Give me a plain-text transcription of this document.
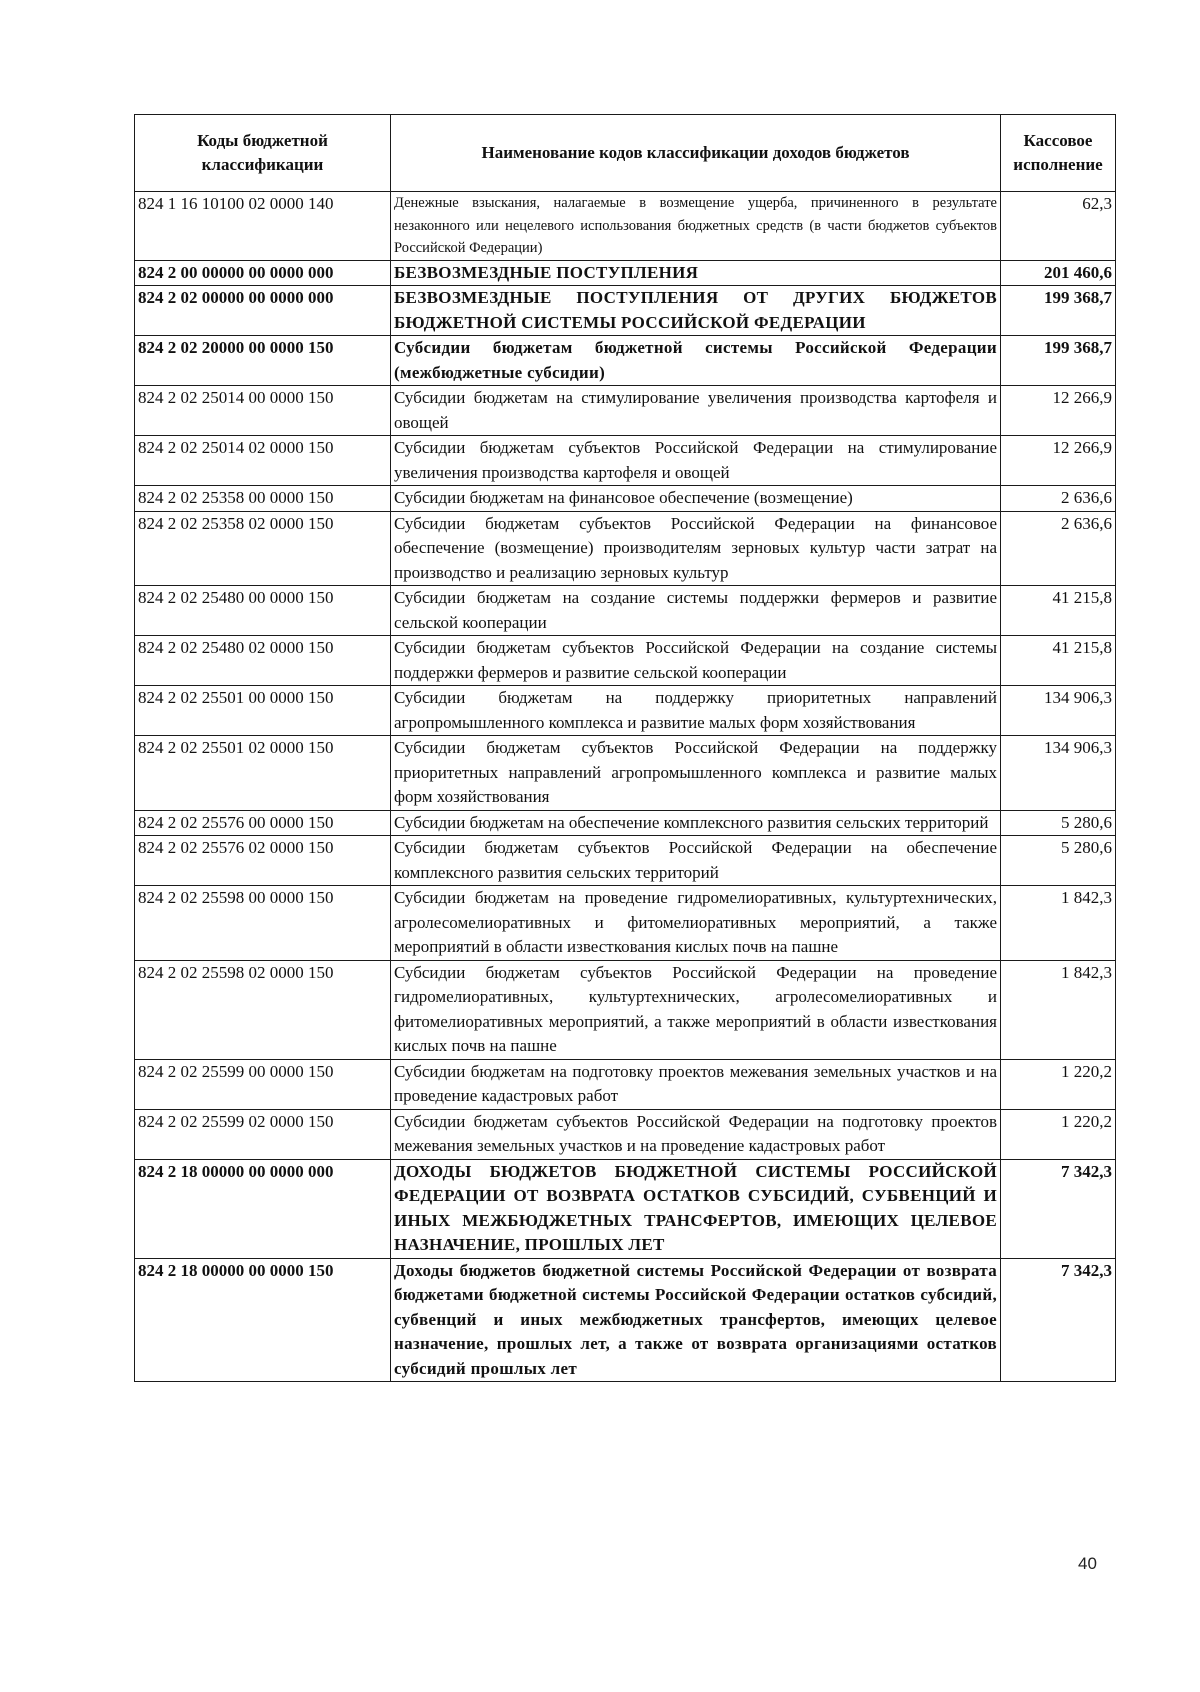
Коды бюджетной классификации	Наименование кодов классификации доходов бюджетов	Кассовое исполнение
824 1 16 10100 02 0000 140	Денежные взыскания, налагаемые в возмещение ущерба, причиненного в результате незаконного или нецелевого использования бюджетных средств (в части бюджетов субъектов Российской Федерации)	62,3
824 2 00 00000 00 0000 000	БЕЗВОЗМЕЗДНЫЕ ПОСТУПЛЕНИЯ	201 460,6
824 2 02 00000 00 0000 000	БЕЗВОЗМЕЗДНЫЕ ПОСТУПЛЕНИЯ ОТ ДРУГИХ БЮДЖЕТОВ БЮДЖЕТНОЙ СИСТЕМЫ РОССИЙСКОЙ ФЕДЕРАЦИИ	199 368,7
824 2 02 20000 00 0000 150	Субсидии бюджетам бюджетной системы Российской Федерации (межбюджетные субсидии)	199 368,7
824 2 02 25014 00 0000 150	Субсидии бюджетам на стимулирование увеличения производства картофеля и овощей	12 266,9
824 2 02 25014 02 0000 150	Субсидии бюджетам субъектов Российской Федерации на стимулирование увеличения производства картофеля и овощей	12 266,9
824 2 02 25358 00 0000 150	Субсидии бюджетам на финансовое обеспечение (возмещение)	2 636,6
824 2 02 25358 02 0000 150	Субсидии бюджетам субъектов Российской Федерации на финансовое обеспечение (возмещение) производителям зерновых культур части затрат на производство и реализацию зерновых культур	2 636,6
824 2 02 25480 00 0000 150	Субсидии бюджетам на создание системы поддержки фермеров и развитие сельской кооперации	41 215,8
824 2 02 25480 02 0000 150	Субсидии бюджетам субъектов Российской Федерации на создание системы поддержки фермеров и развитие сельской кооперации	41 215,8
824 2 02 25501 00 0000 150	Субсидии бюджетам на поддержку приоритетных направлений агропромышленного комплекса и развитие малых форм хозяйствования	134 906,3
824 2 02 25501 02 0000 150	Субсидии бюджетам субъектов Российской Федерации на поддержку приоритетных направлений агропромышленного комплекса и развитие малых форм хозяйствования	134 906,3
824 2 02 25576 00 0000 150	Субсидии бюджетам на обеспечение комплексного развития сельских территорий	5 280,6
824 2 02 25576 02 0000 150	Субсидии бюджетам субъектов Российской Федерации на обеспечение комплексного развития сельских территорий	5 280,6
824 2 02 25598 00 0000 150	Субсидии бюджетам на проведение гидромелиоративных, культуртехнических, агролесомелиоративных и фитомелиоративных мероприятий, а также мероприятий в области известкования кислых почв на пашне	1 842,3
824 2 02 25598 02 0000 150	Субсидии бюджетам субъектов Российской Федерации на проведение гидромелиоративных, культуртехнических, агролесомелиоративных и фитомелиоративных мероприятий, а также мероприятий в области известкования кислых почв на пашне	1 842,3
824 2 02 25599 00 0000 150	Субсидии бюджетам на подготовку проектов межевания земельных участков и на проведение кадастровых работ	1 220,2
824 2 02 25599 02 0000 150	Субсидии бюджетам субъектов Российской Федерации на подготовку проектов межевания земельных участков и на проведение кадастровых работ	1 220,2
824 2 18 00000 00 0000 000	ДОХОДЫ БЮДЖЕТОВ БЮДЖЕТНОЙ СИСТЕМЫ РОССИЙСКОЙ ФЕДЕРАЦИИ ОТ ВОЗВРАТА ОСТАТКОВ СУБСИДИЙ, СУБВЕНЦИЙ И ИНЫХ МЕЖБЮДЖЕТНЫХ ТРАНСФЕРТОВ, ИМЕЮЩИХ ЦЕЛЕВОЕ НАЗНАЧЕНИЕ, ПРОШЛЫХ ЛЕТ	7 342,3
824 2 18 00000 00 0000 150	Доходы бюджетов бюджетной системы Российской Федерации от возврата бюджетами бюджетной системы Российской Федерации остатков субсидий, субвенций и иных межбюджетных трансфертов, имеющих целевое назначение, прошлых лет, а также от возврата организациями остатков субсидий прошлых лет	7 342,3
40
